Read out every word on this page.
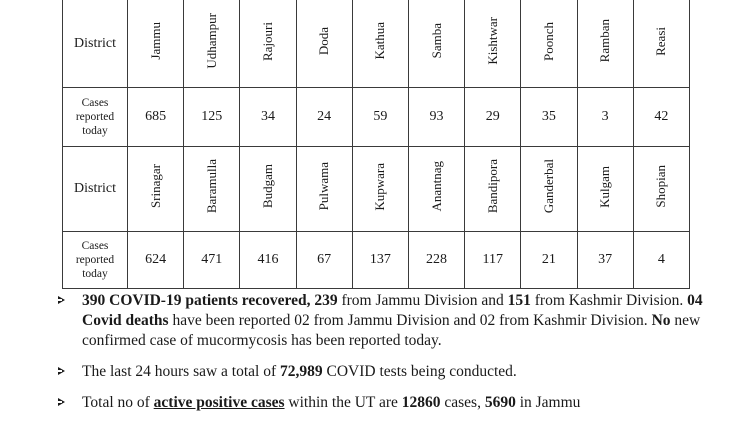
District	Jammu	Udhampur	Rajouri	Doda	Kathua	Samba	Kishtwar	Poonch	Ramban	Reasi
Cases reported today	685	125	34	24	59	93	29	35	3	42
District	Srinagar	Baramulla	Budgam	Pulwama	Kupwara	Anantnag	Bandipora	Ganderbal	Kulgam	Shopian
Cases reported today	624	471	416	67	137	228	117	21	37	4
390 COVID-19 patients recovered, 239 from Jammu Division and 151 from Kashmir Division. 04 Covid deaths have been reported 02 from Jammu Division and 02 from Kashmir Division. No new confirmed case of mucormycosis has been reported today.
The last 24 hours saw a total of 72,989 COVID tests being conducted.
Total no of active positive cases within the UT are 12860 cases, 5690 in Jammu
